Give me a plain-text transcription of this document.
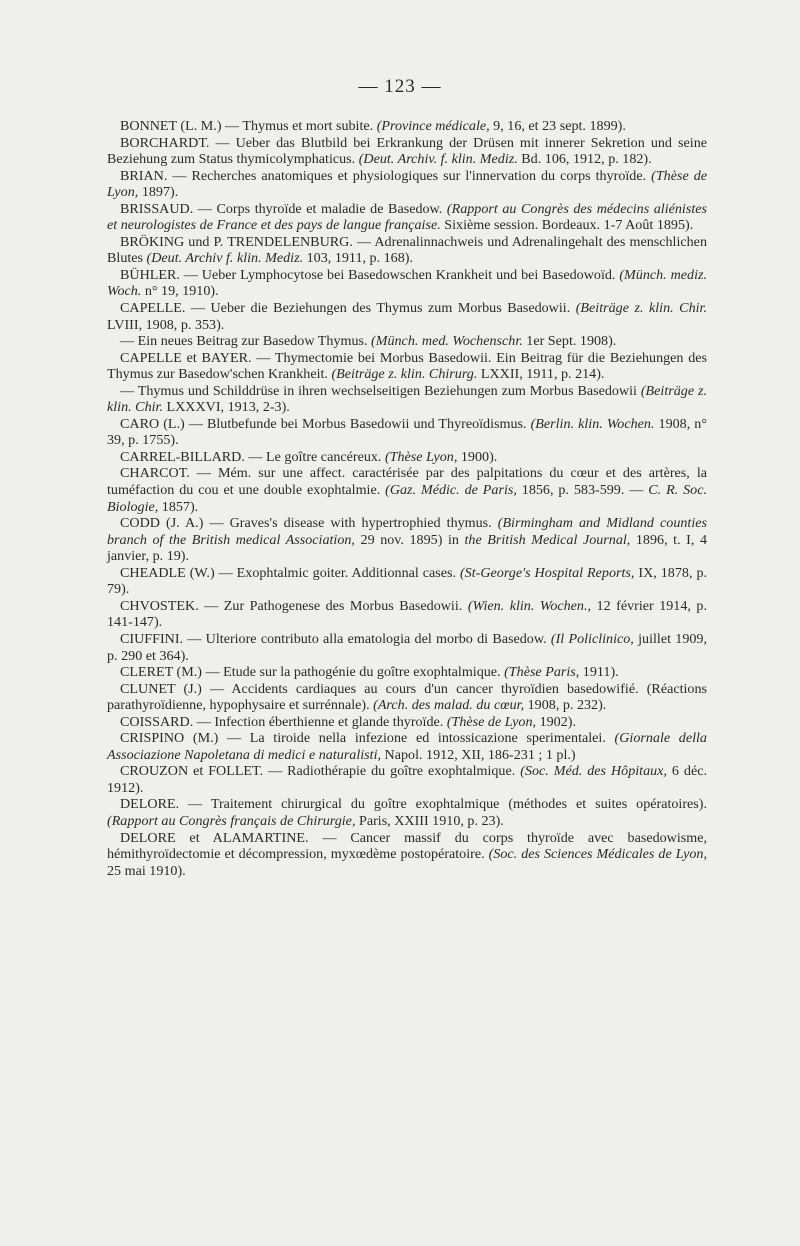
— 123 —

BONNET (L. M.) — Thymus et mort subite. (Province médicale, 9, 16, et 23 sept. 1899).

BORCHARDT. — Ueber das Blutbild bei Erkrankung der Drüsen mit innerer Sekretion und seine Beziehung zum Status thymicolymphaticus. (Deut. Archiv. f. klin. Mediz. Bd. 106, 1912, p. 182).

BRIAN. — Recherches anatomiques et physiologiques sur l'innervation du corps thyroïde. (Thèse de Lyon, 1897).

BRISSAUD. — Corps thyroïde et maladie de Basedow. (Rapport au Congrès des médecins aliénistes et neurologistes de France et des pays de langue française. Sixième session. Bordeaux. 1-7 Août 1895).

BRÖKING und P. TRENDELENBURG. — Adrenalinnachweis und Adrenalingehalt des menschlichen Blutes (Deut. Archiv f. klin. Mediz. 103, 1911, p. 168).

BÜHLER. — Ueber Lymphocytose bei Basedowschen Krankheit und bei Basedowoïd. (Münch. mediz. Woch. n° 19, 1910).

CAPELLE. — Ueber die Beziehungen des Thymus zum Morbus Basedowii. (Beiträge z. klin. Chir. LVIII, 1908, p. 353).

— Ein neues Beitrag zur Basedow Thymus. (Münch. med. Wochenschr. 1er Sept. 1908).

CAPELLE et BAYER. — Thymectomie bei Morbus Basedowii. Ein Beitrag für die Beziehungen des Thymus zur Basedow'schen Krankheit. (Beiträge z. klin. Chirurg. LXXII, 1911, p. 214).

— Thymus und Schilddrüse in ihren wechselseitigen Beziehungen zum Morbus Basedowii (Beiträge z. klin. Chir. LXXXVI, 1913, 2-3).

CARO (L.) — Blutbefunde bei Morbus Basedowii und Thyreoïdismus. (Berlin. klin. Wochen. 1908, n° 39, p. 1755).

CARREL-BILLARD. — Le goître cancéreux. (Thèse Lyon, 1900).

CHARCOT. — Mém. sur une affect. caractérisée par des palpitations du cœur et des artères, la tuméfaction du cou et une double exophtalmie. (Gaz. Médic. de Paris, 1856, p. 583-599. — C. R. Soc. Biologie, 1857).

CODD (J. A.) — Graves's disease with hypertrophied thymus. (Birmingham and Midland counties branch of the British medical Association, 29 nov. 1895) in the British Medical Journal, 1896, t. I, 4 janvier, p. 19).

CHEADLE (W.) — Exophtalmic goiter. Additionnal cases. (St-George's Hospital Reports, IX, 1878, p. 79).

CHVOSTEK. — Zur Pathogenese des Morbus Basedowii. (Wien. klin. Wochen., 12 février 1914, p. 141-147).

CIUFFINI. — Ulteriore contributo alla ematologia del morbo di Basedow. (Il Policlinico, juillet 1909, p. 290 et 364).

CLERET (M.) — Etude sur la pathogénie du goître exophtalmique. (Thèse Paris, 1911).

CLUNET (J.) — Accidents cardiaques au cours d'un cancer thyroïdien basedowifié. (Réactions parathyroïdienne, hypophysaire et surrénnale). (Arch. des malad. du cœur, 1908, p. 232).

COISSARD. — Infection éberthienne et glande thyroïde. (Thèse de Lyon, 1902).

CRISPINO (M.) — La tiroide nella infezione ed intossicazione sperimentalei. (Giornale della Associazione Napoletana di medici e naturalisti, Napol. 1912, XII, 186-231 ; 1 pl.)

CROUZON et FOLLET. — Radiothérapie du goître exophtalmique. (Soc. Méd. des Hôpitaux, 6 déc. 1912).

DELORE. — Traitement chirurgical du goître exophtalmique (méthodes et suites opératoires). (Rapport au Congrès français de Chirurgie, Paris, XXIII 1910, p. 23).

DELORE et ALAMARTINE. — Cancer massif du corps thyroïde avec basedowisme, hémithyroïdectomie et décompression, myxœdème postopératoire. (Soc. des Sciences Médicales de Lyon, 25 mai 1910).
